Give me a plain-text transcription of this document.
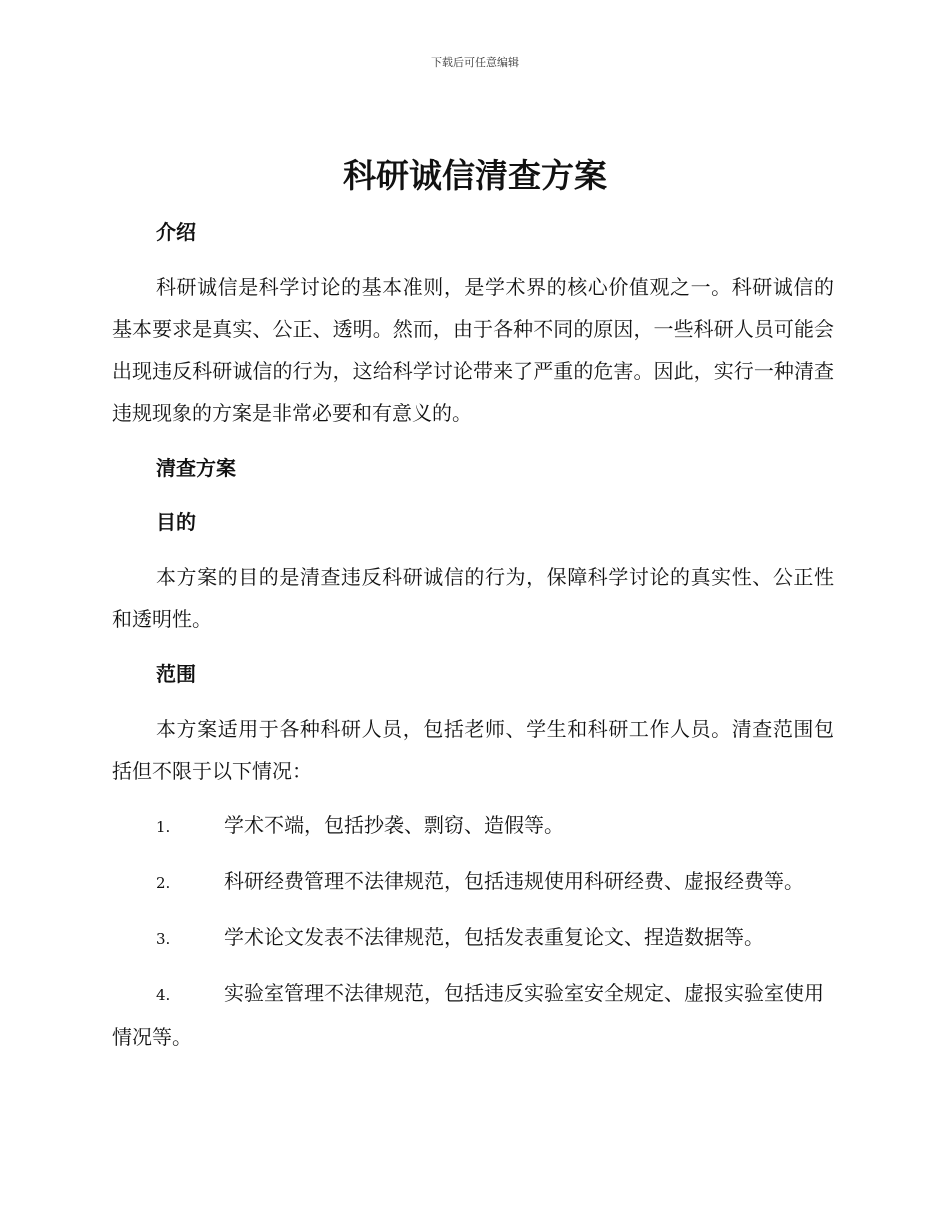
下载后可任意编辑
科研诚信清查方案
介绍

科研诚信是科学讨论的基本准则，是学术界的核心价值观之一。科研诚信的基本要求是真实、公正、透明。然而，由于各种不同的原因，一些科研人员可能会出现违反科研诚信的行为，这给科学讨论带来了严重的危害。因此，实行一种清查违规现象的方案是非常必要和有意义的。

清查方案
目的

本方案的目的是清查违反科研诚信的行为，保障科学讨论的真实性、公正性和透明性。

范围

本方案适用于各种科研人员，包括老师、学生和科研工作人员。清查范围包括但不限于以下情况：

1.	学术不端，包括抄袭、剽窃、造假等。

2.	科研经费管理不法律规范，包括违规使用科研经费、虚报经费等。

3.	学术论文发表不法律规范，包括发表重复论文、捏造数据等。

4.	实验室管理不法律规范，包括违反实验室安全规定、虚报实验室使用情况等。
